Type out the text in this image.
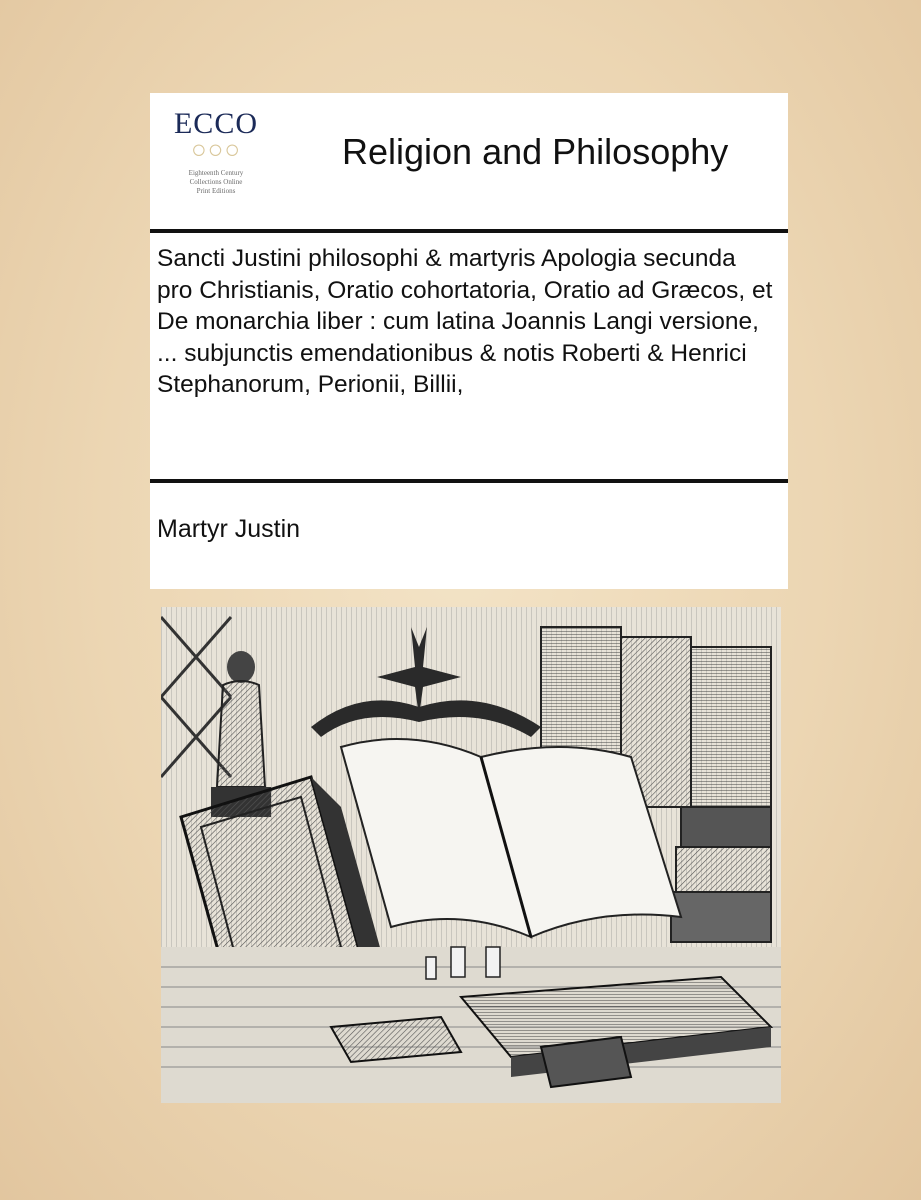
ECCO
○○○
Eighteenth Century
Collections Online
Print Editions
Religion and Philosophy
Sancti Justini philosophi & martyris Apologia secunda pro Christianis, Oratio cohortatoria, Oratio ad Græcos, et De monarchia liber : cum latina Joannis Langi versione, ... subjunctis emendationibus & notis Roberti & Henrici Stephanorum, Perionii, Billii,
Martyr Justin
